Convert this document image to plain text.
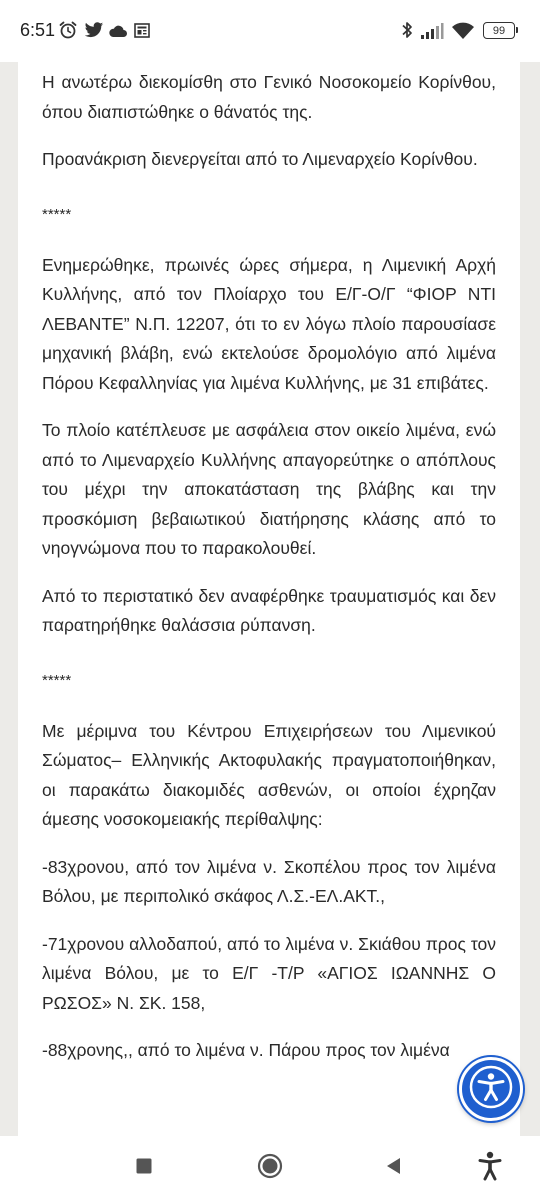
6:51	99

Η ανωτέρω διεκομίσθη στο Γενικό Νοσοκομείο Κορίνθου, όπου διαπιστώθηκε ο θάνατός της.

Προανάκριση διενεργείται από το Λιμεναρχείο Κορίνθου.

*****

Ενημερώθηκε, πρωινές ώρες σήμερα, η Λιμενική Αρχή Κυλλήνης, από τον Πλοίαρχο του Ε/Γ-Ο/Γ “ΦΙΟΡ ΝΤΙ ΛΕΒΑΝΤΕ” Ν.Π. 12207, ότι το εν λόγω πλοίο παρουσίασε μηχανική βλάβη, ενώ εκτελούσε δρομολόγιο από λιμένα Πόρου Κεφαλληνίας για λιμένα Κυλλήνης, με 31 επιβάτες.

Το πλοίο κατέπλευσε με ασφάλεια στον οικείο λιμένα, ενώ από το Λιμεναρχείο Κυλλήνης απαγορεύτηκε ο απόπλους του μέχρι την αποκατάσταση της βλάβης και την προσκόμιση βεβαιωτικού διατήρησης κλάσης από το νηογνώμονα που το παρακολουθεί.

Από το περιστατικό δεν αναφέρθηκε τραυματισμός και δεν παρατηρήθηκε θαλάσσια ρύπανση.

*****

Με μέριμνα του Κέντρου Επιχειρήσεων του Λιμενικού Σώματος– Ελληνικής Ακτοφυλακής πραγματοποιήθηκαν, οι παρακάτω διακομιδές ασθενών, οι οποίοι έχρηζαν άμεσης νοσοκομειακής περίθαλψης:

-83χρονου, από τον λιμένα ν. Σκοπέλου προς τον λιμένα Βόλου, με περιπολικό σκάφος Λ.Σ.-ΕΛ.ΑΚΤ.,

-71χρονου αλλοδαπού, από το λιμένα ν. Σκιάθου προς τον λιμένα Βόλου, με το Ε/Γ -Τ/Ρ «ΑΓΙΟΣ ΙΩΑΝΝΗΣ Ο ΡΩΣΟΣ» Ν. ΣΚ. 158,

-88χρονης,, από το λιμένα ν. Πάρου προς τον λιμένα
